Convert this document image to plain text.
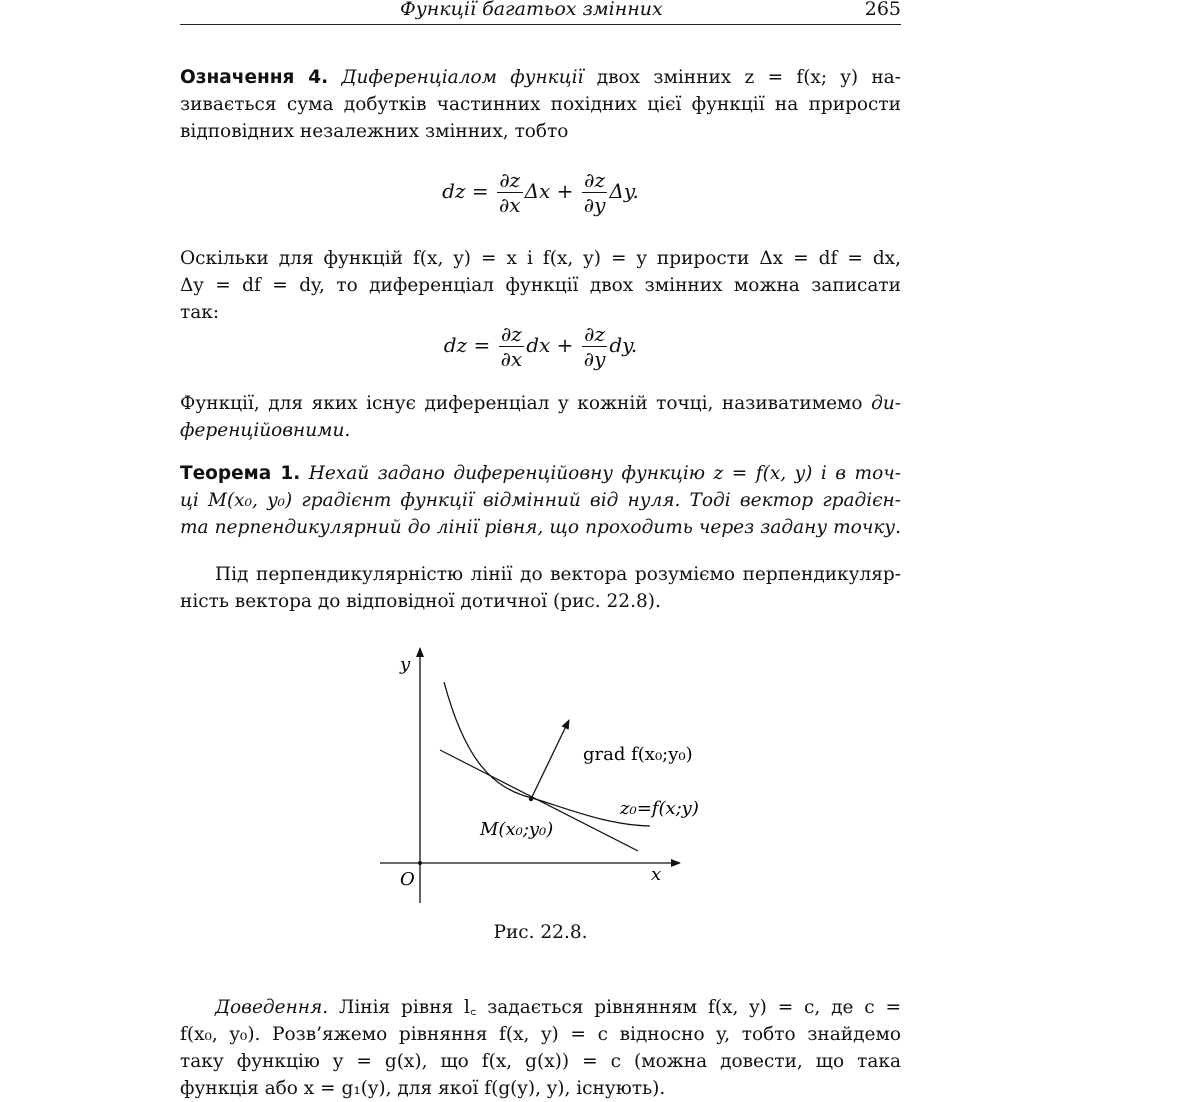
Функції багатьох змінних	265
Означення 4. Диференціалом функції двох змінних z = f(x; y) на-
зивається сума добутків частинних похідних цієї функції на прирости
відповідних незалежних змінних, тобто
dz = $\frac{\partial z}{\partial x}$ $\Delta x + \frac{\partial z}{\partial y} \Delta y$.
Оскільки для функцій f(x, y) = x і f(x, y) = y прирости Δx = df = dx,
Δy = df = dy, то диференціал функції двох змінних можна записати
так:
dz = $\frac{\partial z}{\partial x}$ dx + $\frac{\partial z}{\partial y}$ dy.
Функції, для яких існує диференціал у кожній точці, називатимемо ди-
ференційовними.
Теорема 1. Нехай задано диференційовну функцію z = f(x, y) і в точ-
ці M(x₀, y₀) градієнт функції відмінний від нуля. Тоді вектор градієн-
та перпендикулярний до лінії рівня, що проходить через задану точку.
Під перпендикулярністю лінії до вектора розуміємо перпендикуляр-
ність вектора до відповідної дотичної (рис. 22.8).
grad f(x₀;y₀)
z₀=f(x;y)
M(x₀;y₀)
y
O	x
Рис. 22.8.
Доведення. Лінія рівня l꜀ задається рівнянням f(x, y) = c, де c =
f(x₀, y₀). Розв’яжемо рівняння f(x, y) = c відносно y, тобто знайдемо
таку функцію y = g(x), що f(x, g(x)) = c (можна довести, що така
функція або x = g₁(y), для якої f(g(y), y), існують).
